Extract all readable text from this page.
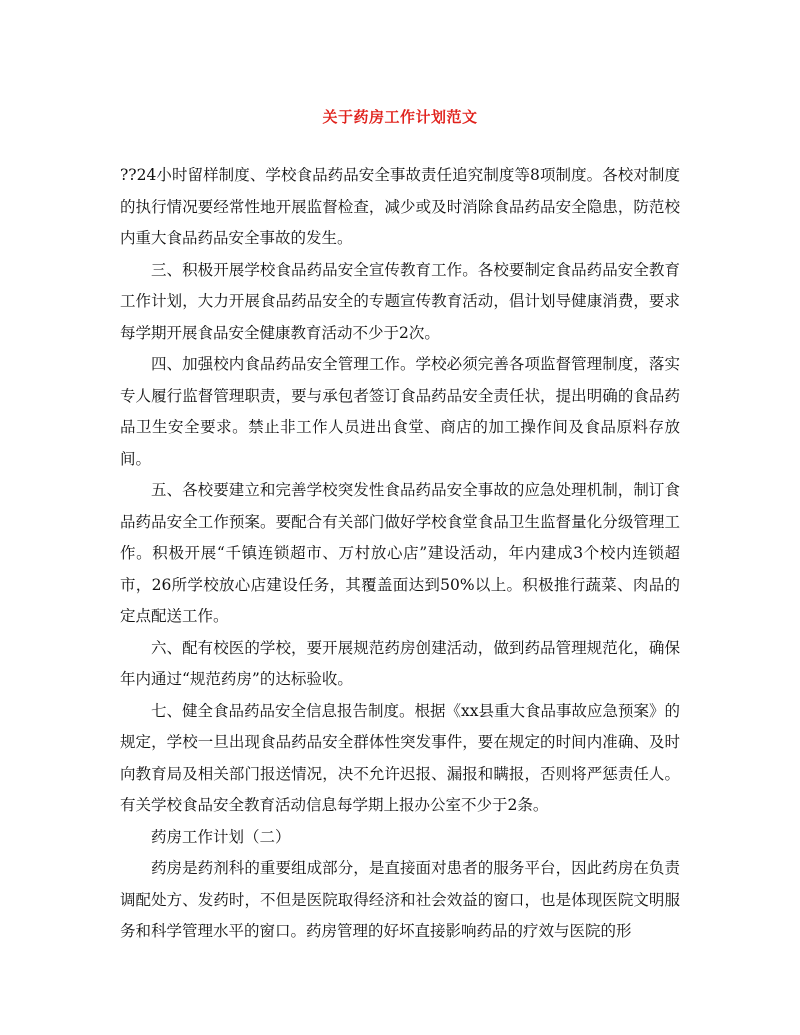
关于药房工作计划范文

??24小时留样制度、学校食品药品安全事故责任追究制度等8项制度。各校对制度的执行情况要经常性地开展监督检查，减少或及时消除食品药品安全隐患，防范校内重大食品药品安全事故的发生。

三、积极开展学校食品药品安全宣传教育工作。各校要制定食品药品安全教育工作计划，大力开展食品药品安全的专题宣传教育活动，倡计划导健康消费，要求每学期开展食品安全健康教育活动不少于2次。

四、加强校内食品药品安全管理工作。学校必须完善各项监督管理制度，落实专人履行监督管理职责，要与承包者签订食品药品安全责任状，提出明确的食品药品卫生安全要求。禁止非工作人员进出食堂、商店的加工操作间及食品原料存放间。

五、各校要建立和完善学校突发性食品药品安全事故的应急处理机制，制订食品药品安全工作预案。要配合有关部门做好学校食堂食品卫生监督量化分级管理工作。积极开展“千镇连锁超市、万村放心店”建设活动，年内建成3个校内连锁超市，26所学校放心店建设任务，其覆盖面达到50%以上。积极推行蔬菜、肉品的定点配送工作。

六、配有校医的学校，要开展规范药房创建活动，做到药品管理规范化，确保年内通过“规范药房”的达标验收。

七、健全食品药品安全信息报告制度。根据《xx县重大食品事故应急预案》的规定，学校一旦出现食品药品安全群体性突发事件，要在规定的时间内准确、及时向教育局及相关部门报送情况，决不允许迟报、漏报和瞒报，否则将严惩责任人。有关学校食品安全教育活动信息每学期上报办公室不少于2条。

药房工作计划（二）

药房是药剂科的重要组成部分，是直接面对患者的服务平台，因此药房在负责调配处方、发药时，不但是医院取得经济和社会效益的窗口，也是体现医院文明服务和科学管理水平的窗口。药房管理的好坏直接影响药品的疗效与医院的形
